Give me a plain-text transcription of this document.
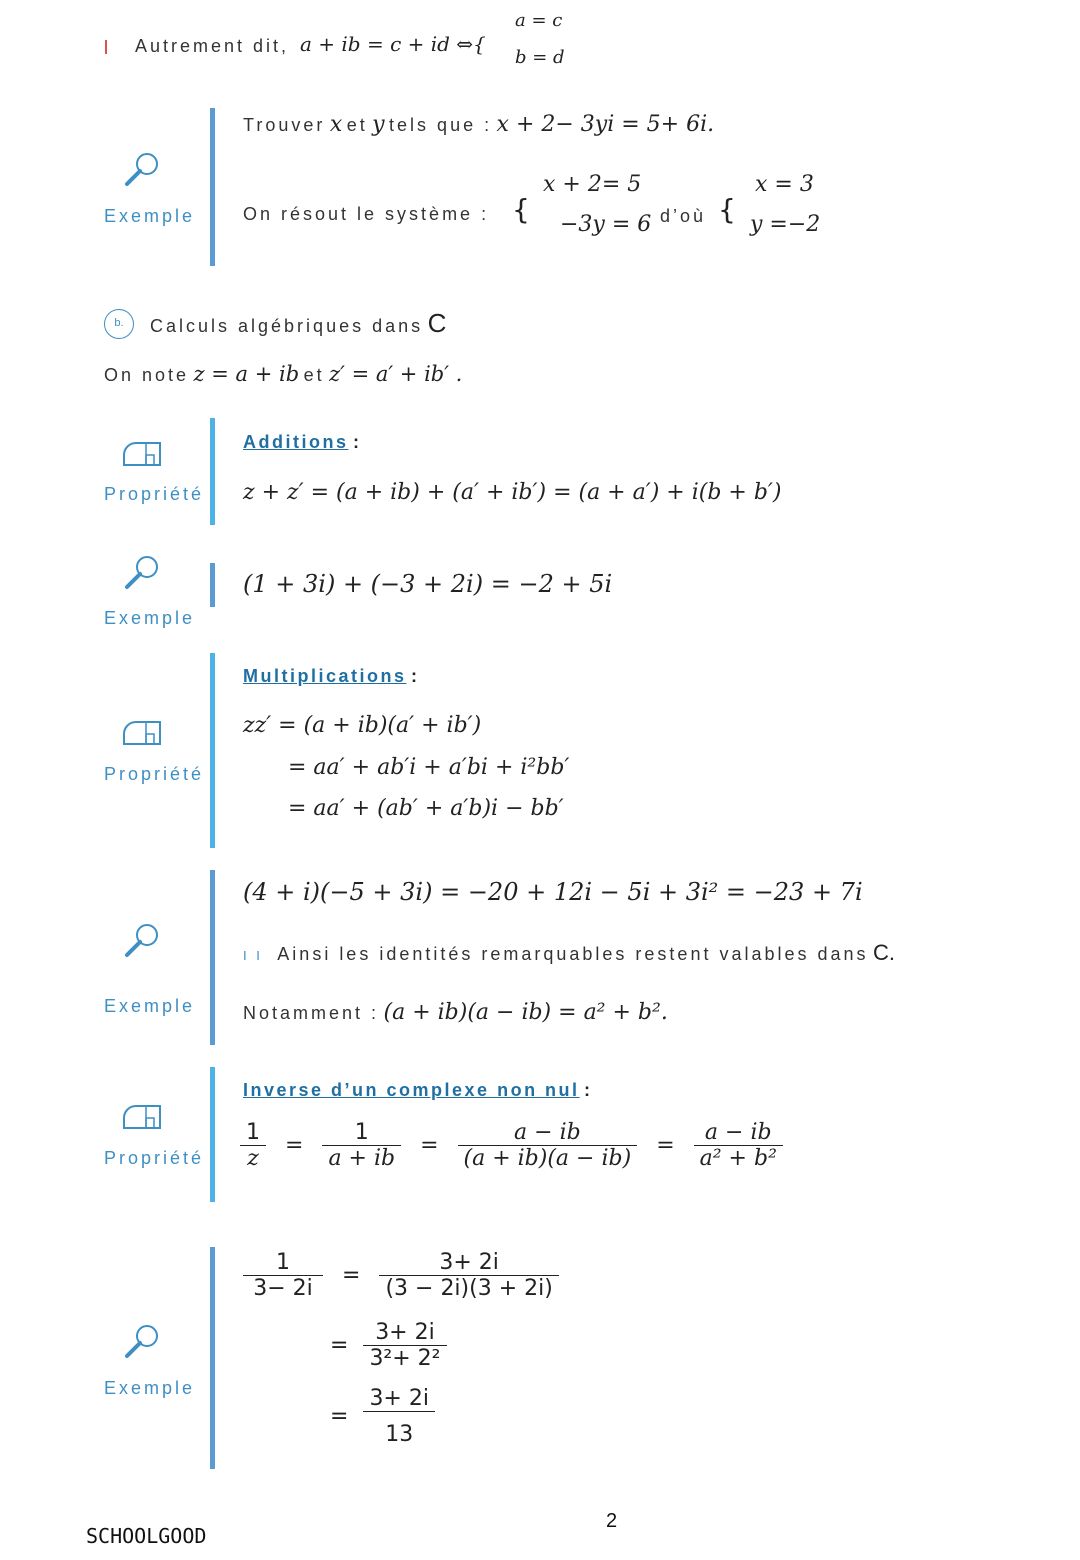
Autrement dit, a + ib = c + id ⇔{
a = c
b = d
Exemple
Trouver x et y tels que : x + 2− 3yi = 5+ 6i.
On résout le système : {
x + 2= 5
−3y = 6 d’où {
x = 3
y =−2
b.	Calculs algébriques dans C
On note z = a + ib et z′ = a′ + ib′ .
Propriété
Additions :
z + z′ = (a + ib) + (a′ + ib′) = (a + a′) + i(b + b′)
Exemple
(1 + 3i) + (−3 + 2i) = −2 + 5i
Propriété
Multiplications :
zz′ = (a + ib)(a′ + ib′)
= aa′ + ab′i + a′bi + i²bb′
= aa′ + (ab′ + a′b)i − bb′
Exemple
(4 + i)(−5 + 3i) = −20 + 12i − 5i + 3i² = −23 + 7i
I I Ainsi les identités remarquables restent valables dans C.
Notamment : (a + ib)(a − ib) = a² + b².
Propriété
Inverse d’un complexe non nul :
$\frac{1}{z} = \frac{1}{a + ib} = \frac{a - ib}{(a + ib)(a - ib)} = \frac{a - ib}{\text{a² + b²}}$
Exemple
$\frac{1}{3- 2i} = \frac{3+ 2i}{(3 - 2i)(3 + 2i)}$
= $\frac{3+ 2i}{\text{3²+ 2²}}$
= $\frac{3+ 2i}{13}$
SCHOOLGOOD
2
